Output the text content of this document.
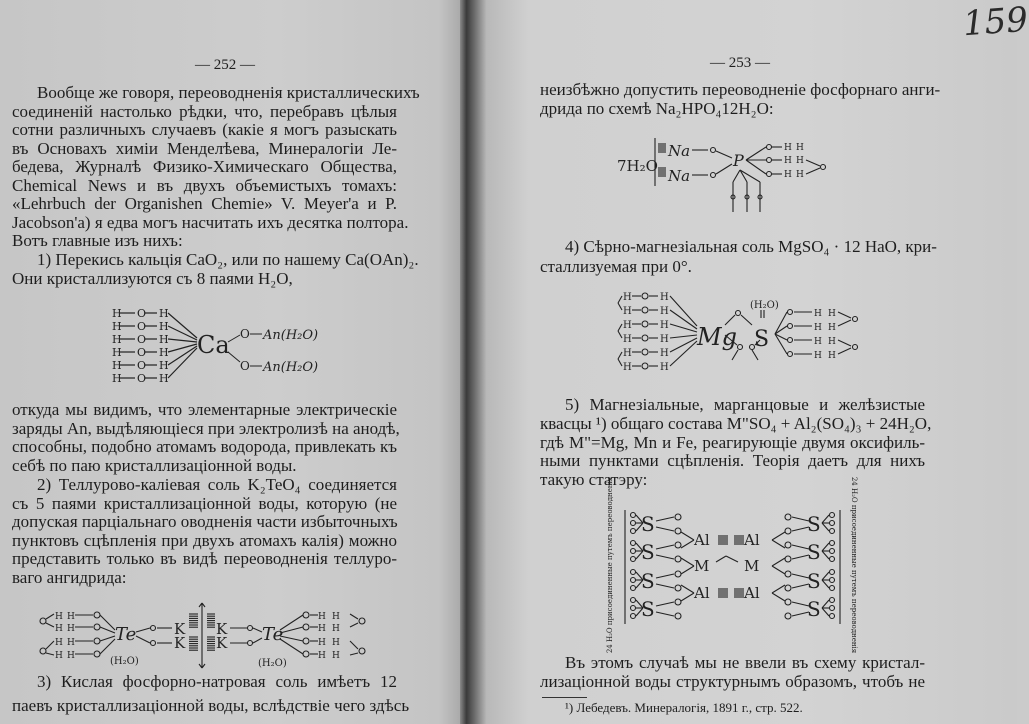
159
— 252 —
Вообще же говоря, переоводненія кристаллическихъ
соединеній настолько рѣдки, что, перебравъ цѣлыя
сотни различныхъ случаевъ (какіе я могъ разыскать
въ Основахъ химіи Менделѣева, Минералогіи Ле-
бедева, Журналѣ Физико-Химическаго Общества,
Chemical News и въ двухъ объемистыхъ томахъ:
«Lehrbuch der Organishen Chemie» V. Meyer'a и P.
Jacobson'a) я едва могъ насчитать ихъ десятка полтора.
Вотъ главные изъ нихъ:
1) Перекись кальція CaO₂, или по нашему Ca(OAn)₂.
Они кристаллизуются съ 8 паями H₂O,
откуда мы видимъ, что элементарные электрическіе
заряды An, выдѣляющіеся при электролизѣ на анодѣ,
способны, подобно атомамъ водорода, привлекать къ
себѣ по паю кристаллизаціонной воды.
2) Теллурово-каліевая соль K₂TeO₄ соединяется
съ 5 паями кристаллизаціонной воды, которую (не
допуская парціальнаго оводненія части избыточныхъ
пунктовъ сцѣпленія при двухъ атомахъ калія) можно
представить только въ видѣ переоводненія теллуро-
ваго ангидрида:
3) Кислая фосфорно-натровая соль имѣетъ 12
паевъ кристаллизаціонной воды, вслѣдствіе чего здѣсь
неизбѣжно допустить переоводненіе фосфорнаго анги-
дрида по схемѣ Na₂HPO₄12H₂O:
4) Сѣрно-магнезіальная соль MgSO₄ · 12 HaO, кри-
сталлизуемая при 0°.
5) Магнезіальные, марганцовые и желѣзистые
квасцы ¹) общаго состава M"SO₄ + Al₂(SO₄)₃ + 24H₂O,
гдѣ M"=Mg, Mn и Fe, реагирующіе двумя оксифиль-
ными пунктами сцѣпленія. Теорія даетъ для нихъ
такую статэру:
Въ этомъ случаѣ мы не ввели въ схему кристал-
лизаціонной воды структурнымъ образомъ, чтобъ не
H O H
H O H
H O H
H O H
H O H
H O H
Ca O
O
An(H₂O)
An(H₂O)
H H	H H
H H	H H
H H	H H
H H	H H
Te
(H₂O)
Te
(H₂O)
K
K
K
K
— 253 —
H H
H H
H H
7H₂O
Na
Na
P
H	H
H	H
H	H
H	H
H	H
H	H
H H
H H
H H
H H
Mg S
(H₂O)
S	S
S	S
S	S
S	S
Al Al
M M
Al Al
24 H₂O присоединенные путемъ переоводненія	24 H₂O присоединенные путемъ переоводненія
¹) Лебедевъ. Минералогія, 1891 г., стр. 522.
